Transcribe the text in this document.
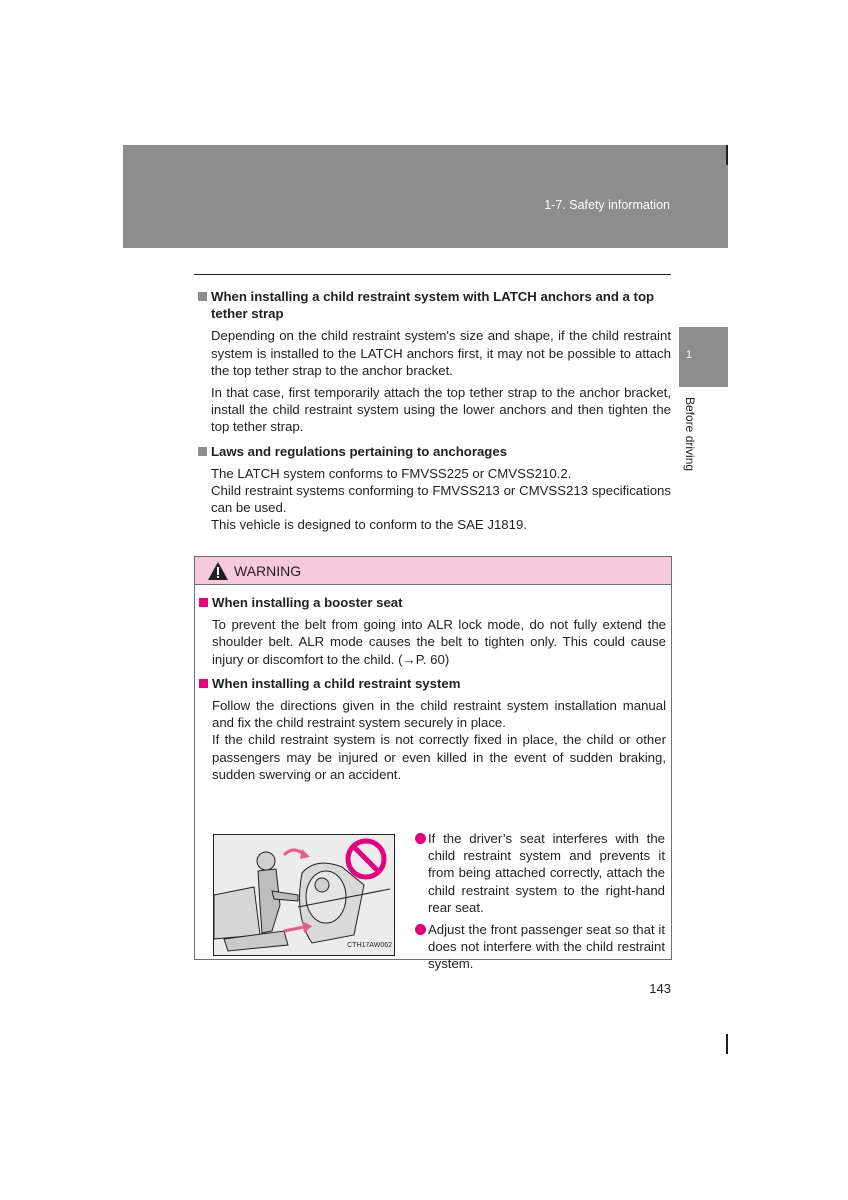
1-7. Safety information
1
Before driving
When installing a child restraint system with LATCH anchors and a top tether strap
Depending on the child restraint system's size and shape, if the child restraint system is installed to the LATCH anchors first, it may not be possible to attach the top tether strap to the anchor bracket.
In that case, first temporarily attach the top tether strap to the anchor bracket, install the child restraint system using the lower anchors and then tighten the top tether strap.
Laws and regulations pertaining to anchorages
The LATCH system conforms to FMVSS225 or CMVSS210.2.
Child restraint systems conforming to FMVSS213 or CMVSS213 specifications can be used.
This vehicle is designed to conform to the SAE J1819.
WARNING
When installing a booster seat
To prevent the belt from going into ALR lock mode, do not fully extend the shoulder belt. ALR mode causes the belt to tighten only. This could cause injury or discomfort to the child. (→P. 60)
When installing a child restraint system
Follow the directions given in the child restraint system installation manual and fix the child restraint system securely in place.
If the child restraint system is not correctly fixed in place, the child or other passengers may be injured or even killed in the event of sudden braking, sudden swerving or an accident.
CTH17AW062
If the driver’s seat interferes with the child restraint system and prevents it from being attached correctly, attach the child restraint system to the right-hand rear seat.
Adjust the front passenger seat so that it does not interfere with the child restraint system.
143
